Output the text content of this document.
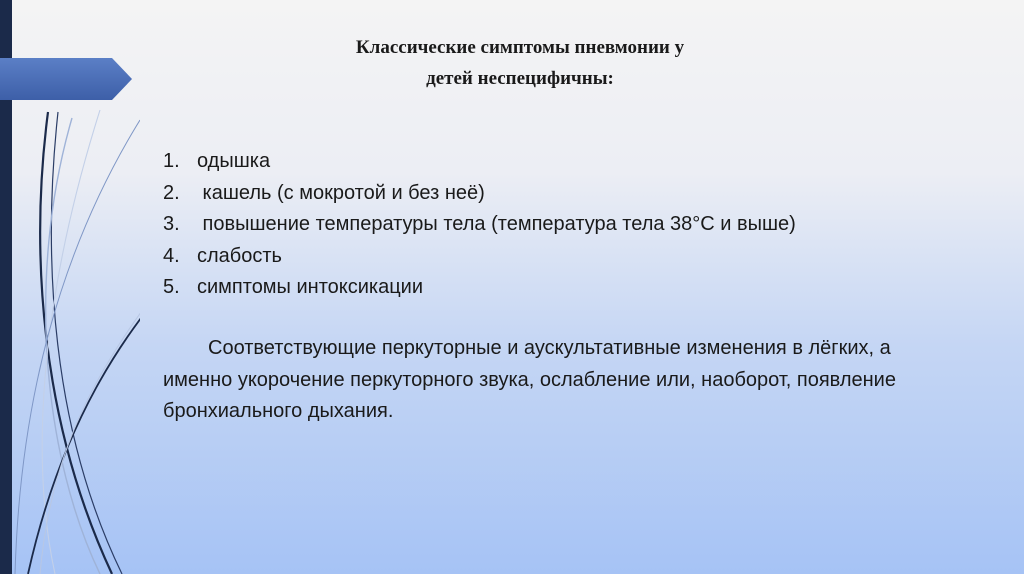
Классические симптомы пневмонии у
детей неспецифичны:
1. одышка
2. кашель (с мокротой и без неё)
3. повышение температуры тела (температура тела 38°С и выше)
4. слабость
5. симптомы интоксикации
Соответствующие перкуторные и аускультативные изменения в лёгких, а именно укорочение перкуторного звука, ослабление или, наоборот, появление бронхиального дыхания.
